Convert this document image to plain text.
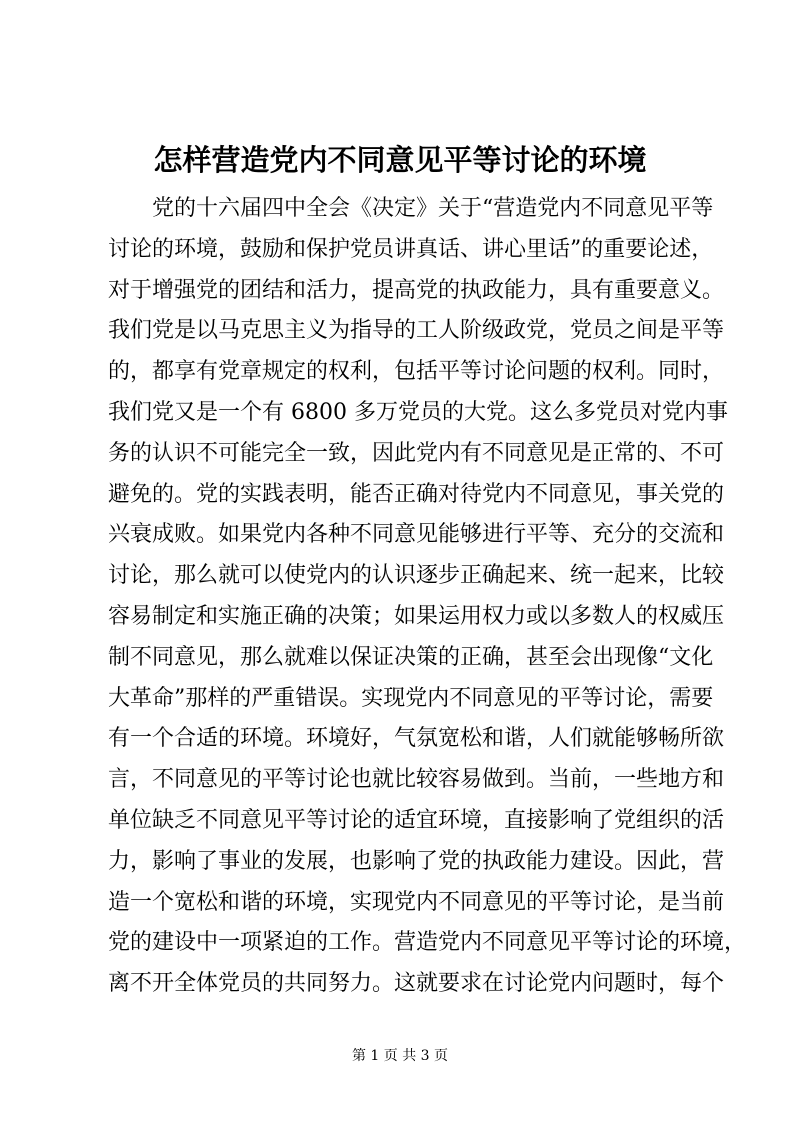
怎样营造党内不同意见平等讨论的环境
党的十六届四中全会《决定》关于“营造党内不同意见平等
讨论的环境，鼓励和保护党员讲真话、讲心里话”的重要论述，
对于增强党的团结和活力，提高党的执政能力，具有重要意义。
我们党是以马克思主义为指导的工人阶级政党，党员之间是平等
的，都享有党章规定的权利，包括平等讨论问题的权利。同时，
我们党又是一个有 6800 多万党员的大党。这么多党员对党内事
务的认识不可能完全一致，因此党内有不同意见是正常的、不可
避免的。党的实践表明，能否正确对待党内不同意见，事关党的
兴衰成败。如果党内各种不同意见能够进行平等、充分的交流和
讨论，那么就可以使党内的认识逐步正确起来、统一起来，比较
容易制定和实施正确的决策；如果运用权力或以多数人的权威压
制不同意见，那么就难以保证决策的正确，甚至会出现像“文化
大革命”那样的严重错误。实现党内不同意见的平等讨论，需要
有一个合适的环境。环境好，气氛宽松和谐，人们就能够畅所欲
言，不同意见的平等讨论也就比较容易做到。当前，一些地方和
单位缺乏不同意见平等讨论的适宜环境，直接影响了党组织的活
力，影响了事业的发展，也影响了党的执政能力建设。因此，营
造一个宽松和谐的环境，实现党内不同意见的平等讨论，是当前
党的建设中一项紧迫的工作。营造党内不同意见平等讨论的环境，
离不开全体党员的共同努力。这就要求在讨论党内问题时，每个
第 1 页 共 3 页
